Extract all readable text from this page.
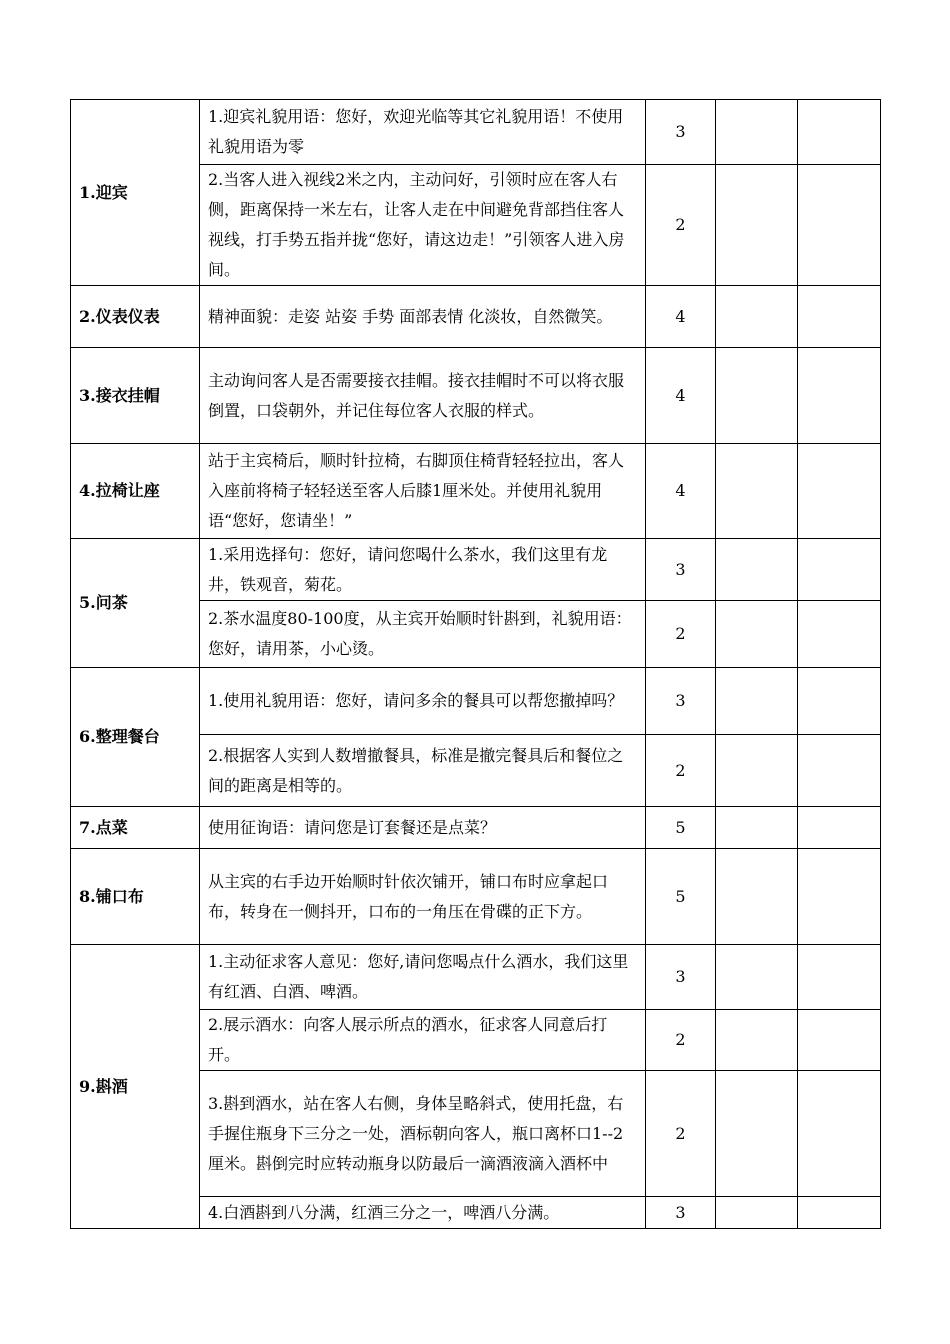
1.迎宾	1.迎宾礼貌用语：您好，欢迎光临等其它礼貌用语！不使用礼貌用语为零	3		
	2.当客人进入视线2米之内，主动问好，引领时应在客人右侧，距离保持一米左右，让客人走在中间避免背部挡住客人视线，打手势五指并拢“您好，请这边走！”引领客人进入房间。	2		
2.仪表仪表	精神面貌：走姿 站姿 手势 面部表情 化淡妆，自然微笑。	4		
3.接衣挂帽	主动询问客人是否需要接衣挂帽。接衣挂帽时不可以将衣服倒置，口袋朝外，并记住每位客人衣服的样式。	4		
4.拉椅让座	站于主宾椅后，顺时针拉椅，右脚顶住椅背轻轻拉出，客人入座前将椅子轻轻送至客人后膝1厘米处。并使用礼貌用语“您好，您请坐！”	4		
5.问茶	1.采用选择句：您好，请问您喝什么茶水，我们这里有龙井，铁观音，菊花。	3		
	2.茶水温度80-100度，从主宾开始顺时针斟到，礼貌用语：您好，请用茶，小心烫。	2		
6.整理餐台	1.使用礼貌用语：您好，请问多余的餐具可以帮您撤掉吗？	3		
	2.根据客人实到人数增撤餐具，标准是撤完餐具后和餐位之间的距离是相等的。	2		
7.点菜	使用征询语：请问您是订套餐还是点菜？	5		
8.铺口布	从主宾的右手边开始顺时针依次铺开，铺口布时应拿起口布，转身在一侧抖开，口布的一角压在骨碟的正下方。	5		
9.斟酒	1.主动征求客人意见：您好,请问您喝点什么酒水，我们这里有红酒、白酒、啤酒。	3		
	2.展示酒水：向客人展示所点的酒水，征求客人同意后打开。	2		
	3.斟到酒水，站在客人右侧，身体呈略斜式，使用托盘，右手握住瓶身下三分之一处，酒标朝向客人，瓶口离杯口1--2厘米。斟倒完时应转动瓶身以防最后一滴酒液滴入酒杯中	2		
	4.白酒斟到八分满，红酒三分之一，啤酒八分满。	3		
